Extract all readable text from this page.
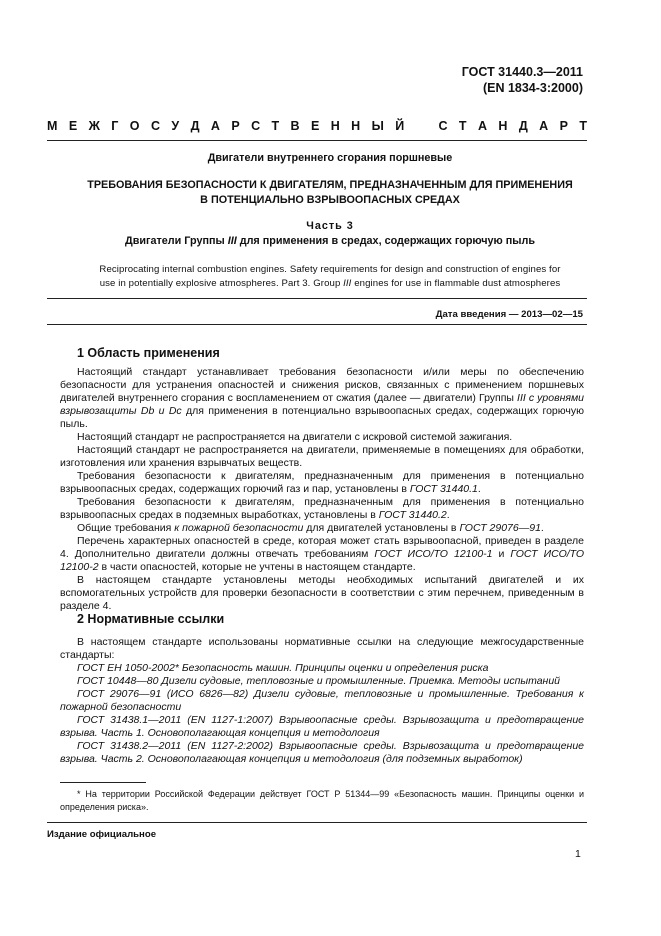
ГОСТ 31440.3—2011
(EN 1834-3:2000)
М Е Ж Г О С У Д А Р С Т В Е Н Н Ы Й	С Т А Н Д А Р Т
Двигатели внутреннего сгорания поршневые
ТРЕБОВАНИЯ БЕЗОПАСНОСТИ К ДВИГАТЕЛЯМ, ПРЕДНАЗНАЧЕННЫМ ДЛЯ ПРИМЕНЕНИЯ
В ПОТЕНЦИАЛЬНО ВЗРЫВООПАСНЫХ СРЕДАХ
Часть 3
Двигатели Группы III для применения в средах, содержащих горючую пыль
Reciprocating internal combustion engines. Safety requirements for design and construction of engines for
use in potentially explosive atmospheres. Part 3. Group III engines for use in flammable dust atmospheres
Дата введения — 2013—02—15
1 Область применения

Настоящий стандарт устанавливает требования безопасности и/или меры по обеспечению безопасности для устранения опасностей и снижения рисков, связанных с применением поршневых двигателей внутреннего сгорания с воспламенением от сжатия (далее — двигатели) Группы III с уровнями взрывозащиты Db и Dc для применения в потенциально взрывоопасных средах, содержащих горючую пыль.

Настоящий стандарт не распространяется на двигатели с искровой системой зажигания.

Настоящий стандарт не распространяется на двигатели, применяемые в помещениях для обработки, изготовления или хранения взрывчатых веществ.

Требования безопасности к двигателям, предназначенным для применения в потенциально взрывоопасных средах, содержащих горючий газ и пар, установлены в ГОСТ 31440.1.

Требования безопасности к двигателям, предназначенным для применения в потенциально взрывоопасных средах в подземных выработках, установлены в ГОСТ 31440.2.

Общие требования к пожарной безопасности для двигателей установлены в ГОСТ 29076—91.

Перечень характерных опасностей в среде, которая может стать взрывоопасной, приведен в разделе 4. Дополнительно двигатели должны отвечать требованиям ГОСТ ИСО/ТО 12100-1 и ГОСТ ИСО/ТО 12100-2 в части опасностей, которые не учтены в настоящем стандарте.

В настоящем стандарте установлены методы необходимых испытаний двигателей и их вспомогательных устройств для проверки безопасности в соответствии с этим перечнем, приведенным в разделе 4.

2 Нормативные ссылки

В настоящем стандарте использованы нормативные ссылки на следующие межгосударственные стандарты:

ГОСТ ЕН 1050-2002* Безопасность машин. Принципы оценки и определения риска

ГОСТ 10448—80 Дизели судовые, тепловозные и промышленные. Приемка. Методы испытаний

ГОСТ 29076—91 (ИСО 6826—82) Дизели судовые, тепловозные и промышленные. Требования к пожарной безопасности

ГОСТ 31438.1—2011 (EN 1127-1:2007) Взрывоопасные среды. Взрывозащита и предотвращение взрыва. Часть 1. Основополагающая концепция и методология

ГОСТ 31438.2—2011 (EN 1127-2:2002) Взрывоопасные среды. Взрывозащита и предотвращение взрыва. Часть 2. Основополагающая концепция и методология (для подземных выработок)

* На территории Российской Федерации действует ГОСТ Р 51344—99 «Безопасность машин. Принципы оценки и определения риска».

Издание официальное
1
